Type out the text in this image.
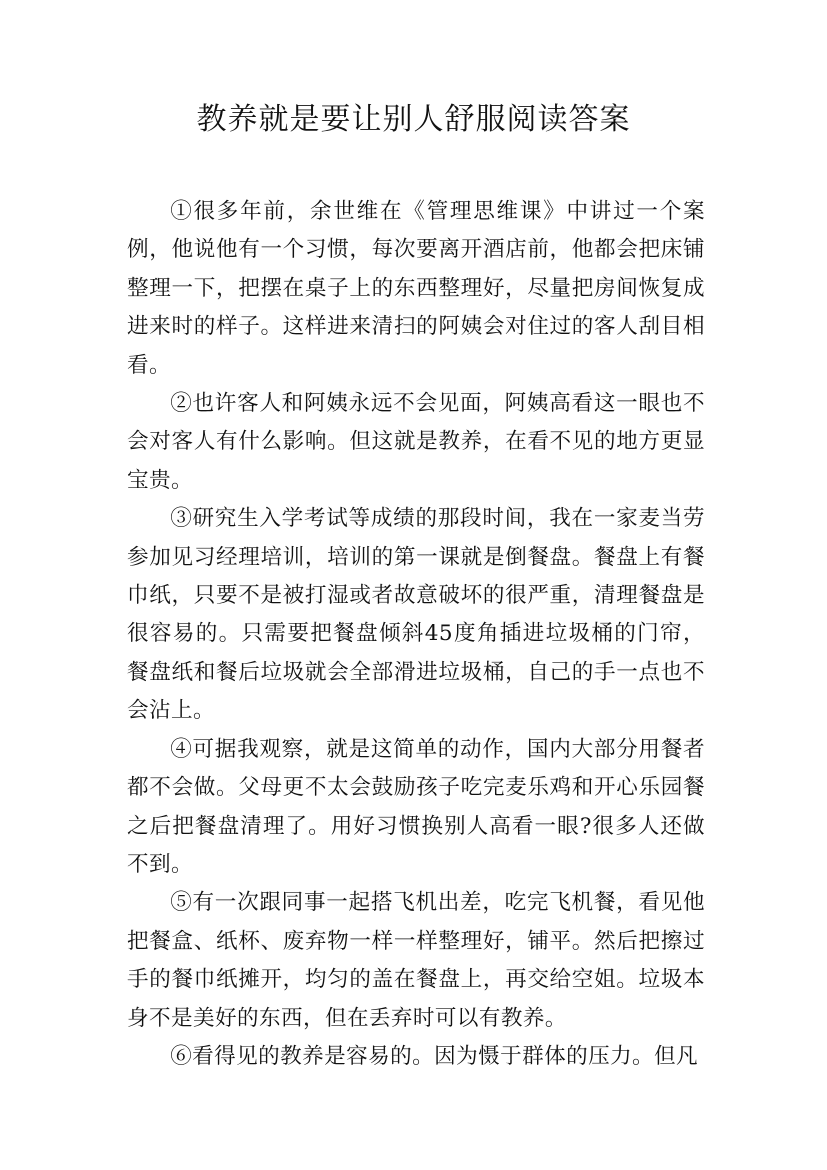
教养就是要让别人舒服阅读答案

①很多年前，余世维在《管理思维课》中讲过一个案例，他说他有一个习惯，每次要离开酒店前，他都会把床铺整理一下，把摆在桌子上的东西整理好，尽量把房间恢复成进来时的样子。这样进来清扫的阿姨会对住过的客人刮目相看。

②也许客人和阿姨永远不会见面，阿姨高看这一眼也不会对客人有什么影响。但这就是教养，在看不见的地方更显宝贵。

③研究生入学考试等成绩的那段时间，我在一家麦当劳参加见习经理培训，培训的第一课就是倒餐盘。餐盘上有餐巾纸，只要不是被打湿或者故意破坏的很严重，清理餐盘是很容易的。只需要把餐盘倾斜45度角插进垃圾桶的门帘，餐盘纸和餐后垃圾就会全部滑进垃圾桶，自己的手一点也不会沾上。

④可据我观察，就是这简单的动作，国内大部分用餐者都不会做。父母更不太会鼓励孩子吃完麦乐鸡和开心乐园餐之后把餐盘清理了。用好习惯换别人高看一眼?很多人还做不到。

⑤有一次跟同事一起搭飞机出差，吃完飞机餐，看见他把餐盒、纸杯、废弃物一样一样整理好，铺平。然后把擦过手的餐巾纸摊开，均匀的盖在餐盘上，再交给空姐。垃圾本身不是美好的东西，但在丢弃时可以有教养。

⑥看得见的教养是容易的。因为慑于群体的压力。但凡
